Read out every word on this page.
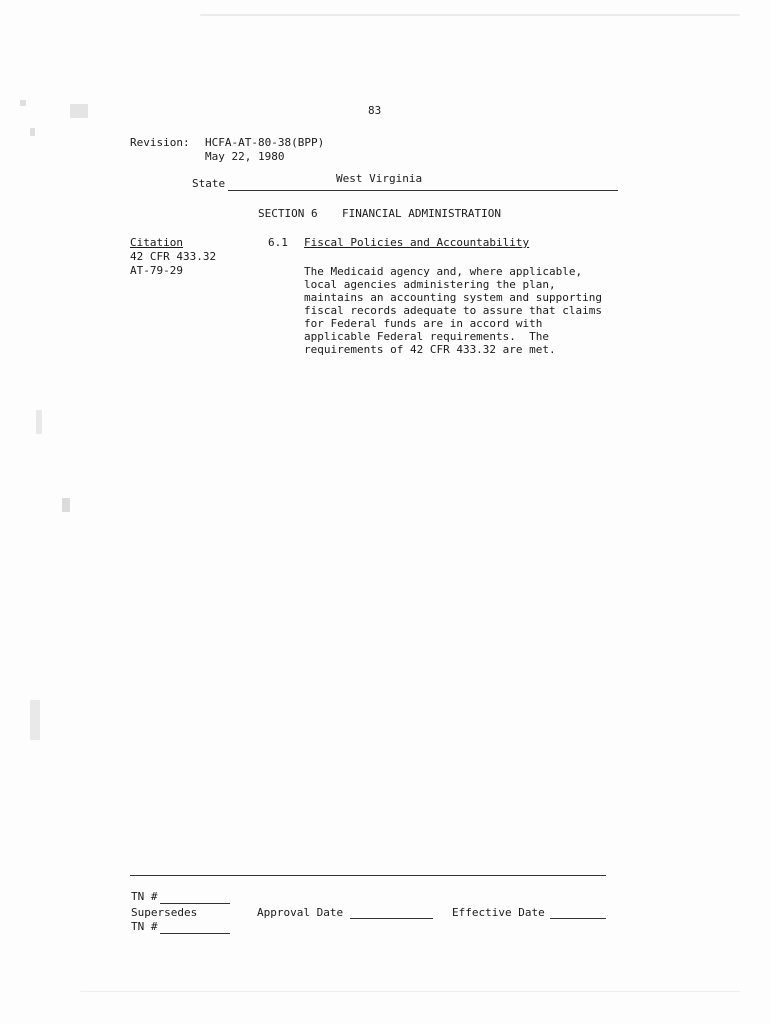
83
Revision: HCFA-AT-80-38(BPP)
May 22, 1980
State	West Virginia
SECTION 6 FINANCIAL ADMINISTRATION
Citation
42 CFR 433.32
AT-79-29
6.1 Fiscal Policies and Accountability
The Medicaid agency and, where applicable,
local agencies administering the plan,
maintains an accounting system and supporting
fiscal records adequate to assure that claims
for Federal funds are in accord with
applicable Federal requirements.  The
requirements of 42 CFR 433.32 are met.
TN #
Supersedes
TN #
Approval Date	Effective Date
